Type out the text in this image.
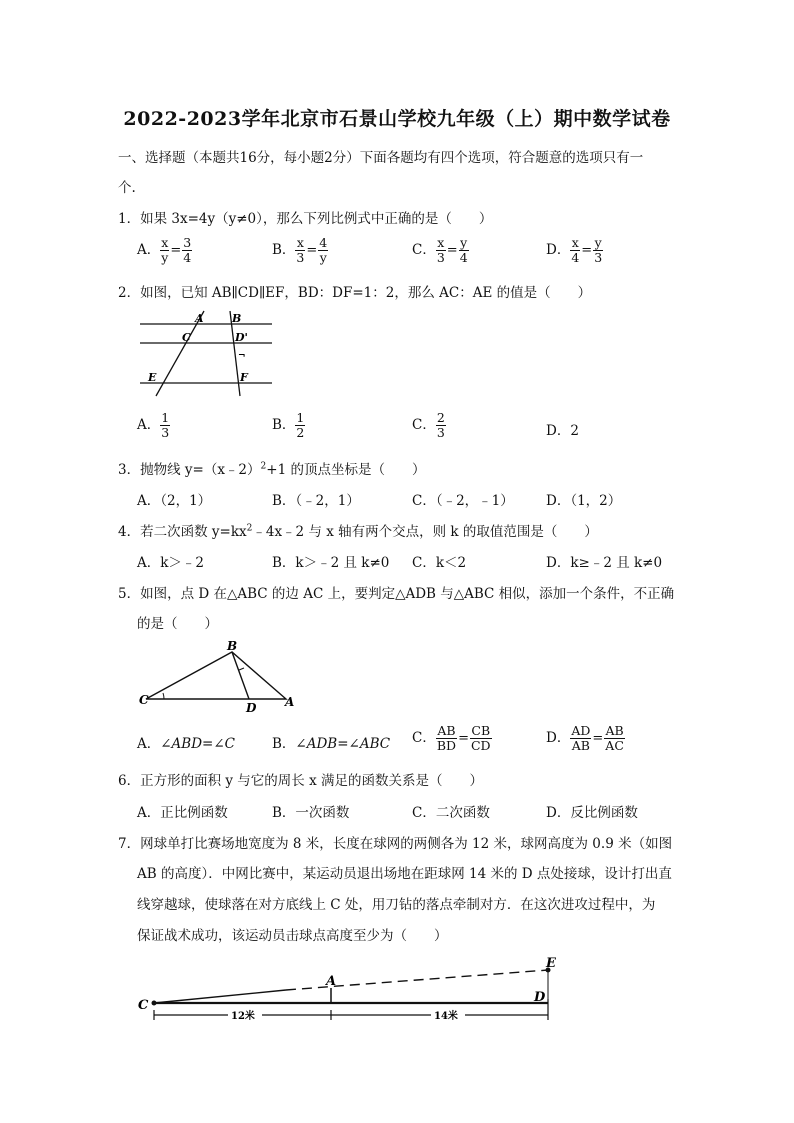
2022-2023学年北京市石景山学校九年级（上）期中数学试卷
一、选择题（本题共16分，每小题2分）下面各题均有四个选项，符合题意的选项只有一
个.
1．如果 3x=4y（y≠0），那么下列比例式中正确的是（　　）
A． $\frac{x}{y} = \frac{3}{4}$	B． $\frac{x}{3} = \frac{4}{y}$	C． $\frac{x}{3} = \frac{y}{4}$	D． $\frac{x}{4} = \frac{y}{3}$
2．如图，已知 AB∥CD∥EF，BD：DF=1：2，那么 AC：AE 的值是（　　）
A	B
C	D'
¬
E	F
A． $\frac{1}{3}$	B． $\frac{1}{2}$	C． $\frac{2}{3}$	D．2
3．抛物线 y=（x﹣2）$^2$+1 的顶点坐标是（　　）
A．（2，1）	B．（﹣2，1）	C．（﹣2，﹣1） D．（1，2）
4．若二次函数 $y=kx^2﹣4x﹣2$ 与 x 轴有两个交点，则 k 的取值范围是（　　）
A．k＞﹣2	B．k＞﹣2 且 k≠0 C．k＜2	D．k≥﹣2 且 k≠0
5．如图，点 D 在△ABC 的边 AC 上，要判定△ADB 与△ABC 相似，添加一个条件，不正确
的是（　　）
B
C
D A
A．∠ABD=∠C	B．∠ADB=∠ABC C． $\frac{AB}{BD} = \frac{CB}{CD}$	D． $\frac{AD}{AB} = \frac{AB}{AC}$
6．正方形的面积 y 与它的周长 x 满足的函数关系是（　　）
A．正比例函数	B．一次函数	C．二次函数	D．反比例函数
7．网球单打比赛场地宽度为 8 米，长度在球网的两侧各为 12 米，球网高度为 0.9 米（如图
AB 的高度）．中网比赛中，某运动员退出场地在距球网 14 米的 D 点处接球，设计打出直
线穿越球，使球落在对方底线上 C 处，用刀钻的落点牵制对方．在这次进攻过程中，为
保证战术成功，该运动员击球点高度至少为（　　）
C
A
E
D
12米	14米
